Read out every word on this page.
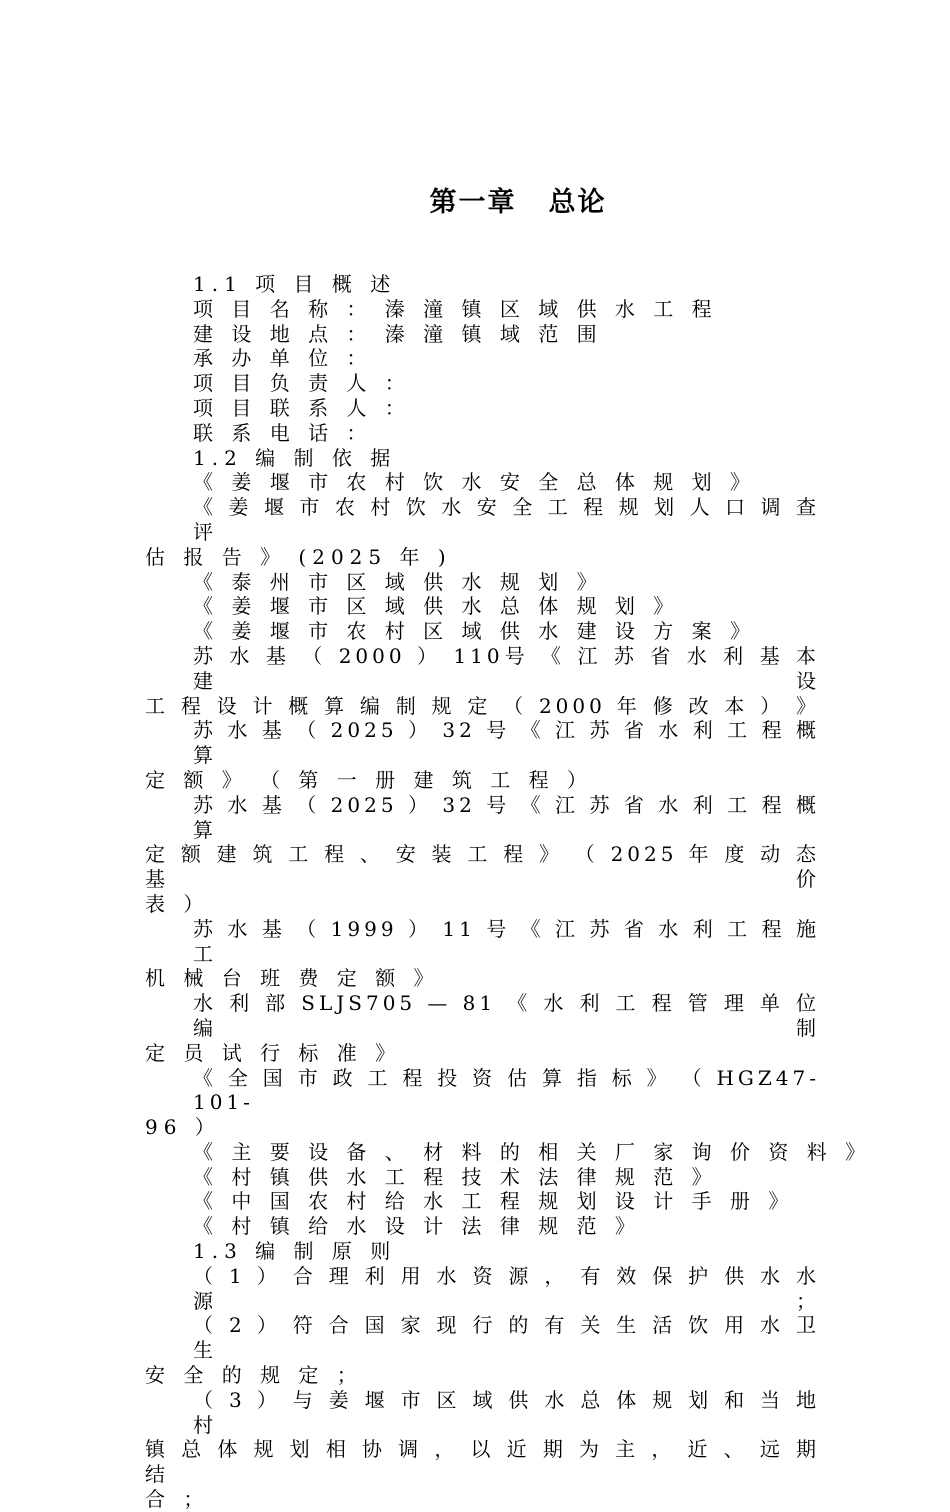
第一章 总论
1.1 项 目 概 述
项 目 名 称 ： 溱 潼 镇 区 域 供 水 工 程
建 设 地 点 ： 溱 潼 镇 域 范 围
承 办 单 位 ：
项 目 负 责 人 ：
项 目 联 系 人 ：
联 系 电 话 ：
1.2 编 制 依 据
《 姜 堰 市 农 村 饮 水 安 全 总 体 规 划 》
《 姜 堰 市 农 村 饮 水 安 全 工 程 规 划 人 口 调 查 评
估 报 告 》 (2025 年 )
《 泰 州 市 区 域 供 水 规 划 》
《 姜 堰 市 区 域 供 水 总 体 规 划 》
《 姜 堰 市 农 村 区 域 供 水 建 设 方 案 》
苏 水 基 （ 2000 ） 110号 《 江 苏 省 水 利 基 本 建 设
工 程 设 计 概 算 编 制 规 定 （ 2000 年 修 改 本 ） 》
苏 水 基 （ 2025 ） 32 号 《 江 苏 省 水 利 工 程 概 算
定 额 》 （ 第 一 册 建 筑 工 程 ）
苏 水 基 （ 2025 ） 32 号 《 江 苏 省 水 利 工 程 概 算
定 额 建 筑 工 程 、 安 装 工 程 》 （ 2025 年 度 动 态 基 价
表 ）
苏 水 基 （ 1999 ） 11 号 《 江 苏 省 水 利 工 程 施 工
机 械 台 班 费 定 额 》
水 利 部 SLJS705 — 81 《 水 利 工 程 管 理 单 位 编 制
定 员 试 行 标 准 》
《 全 国 市 政 工 程 投 资 估 算 指 标 》 （ HGZ47-101-
96 ）
《 主 要 设 备 、 材 料 的 相 关 厂 家 询 价 资 料 》
《 村 镇 供 水 工 程 技 术 法 律 规 范 》
《 中 国 农 村 给 水 工 程 规 划 设 计 手 册 》
《 村 镇 给 水 设 计 法 律 规 范 》
1.3 编 制 原 则
（ 1 ） 合 理 利 用 水 资 源 ， 有 效 保 护 供 水 水 源 ；
（ 2 ） 符 合 国 家 现 行 的 有 关 生 活 饮 用 水 卫 生
安 全 的 规 定 ；
（ 3 ） 与 姜 堰 市 区 域 供 水 总 体 规 划 和 当 地 村
镇 总 体 规 划 相 协 调 ， 以 近 期 为 主 ， 近 、 远 期 结
合 ；
